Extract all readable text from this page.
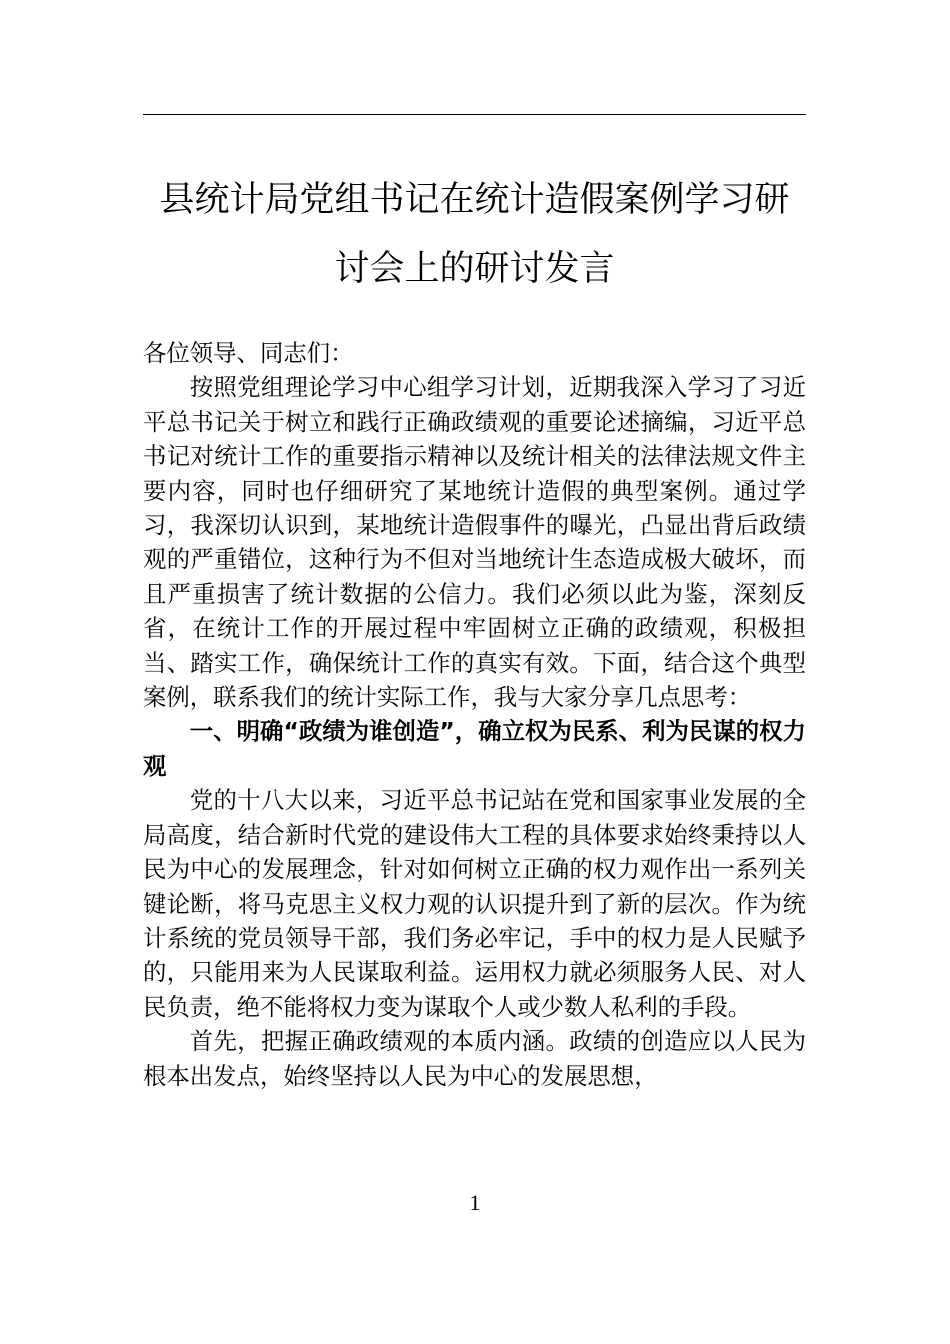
县统计局党组书记在统计造假案例学习研
讨会上的研讨发言

各位领导、同志们：

按照党组理论学习中心组学习计划，近期我深入学习了习近平总书记关于树立和践行正确政绩观的重要论述摘编，习近平总书记对统计工作的重要指示精神以及统计相关的法律法规文件主要内容，同时也仔细研究了某地统计造假的典型案例。通过学习，我深切认识到，某地统计造假事件的曝光，凸显出背后政绩观的严重错位，这种行为不但对当地统计生态造成极大破坏，而且严重损害了统计数据的公信力。我们必须以此为鉴，深刻反省，在统计工作的开展过程中牢固树立正确的政绩观，积极担当、踏实工作，确保统计工作的真实有效。下面，结合这个典型案例，联系我们的统计实际工作，我与大家分享几点思考：

一、明确“政绩为谁创造”，确立权为民系、利为民谋的权力观

党的十八大以来，习近平总书记站在党和国家事业发展的全局高度，结合新时代党的建设伟大工程的具体要求始终秉持以人民为中心的发展理念，针对如何树立正确的权力观作出一系列关键论断，将马克思主义权力观的认识提升到了新的层次。作为统计系统的党员领导干部，我们务必牢记，手中的权力是人民赋予的，只能用来为人民谋取利益。运用权力就必须服务人民、对人民负责，绝不能将权力变为谋取个人或少数人私利的手段。

首先，把握正确政绩观的本质内涵。政绩的创造应以人民为根本出发点，始终坚持以人民为中心的发展思想，

1
